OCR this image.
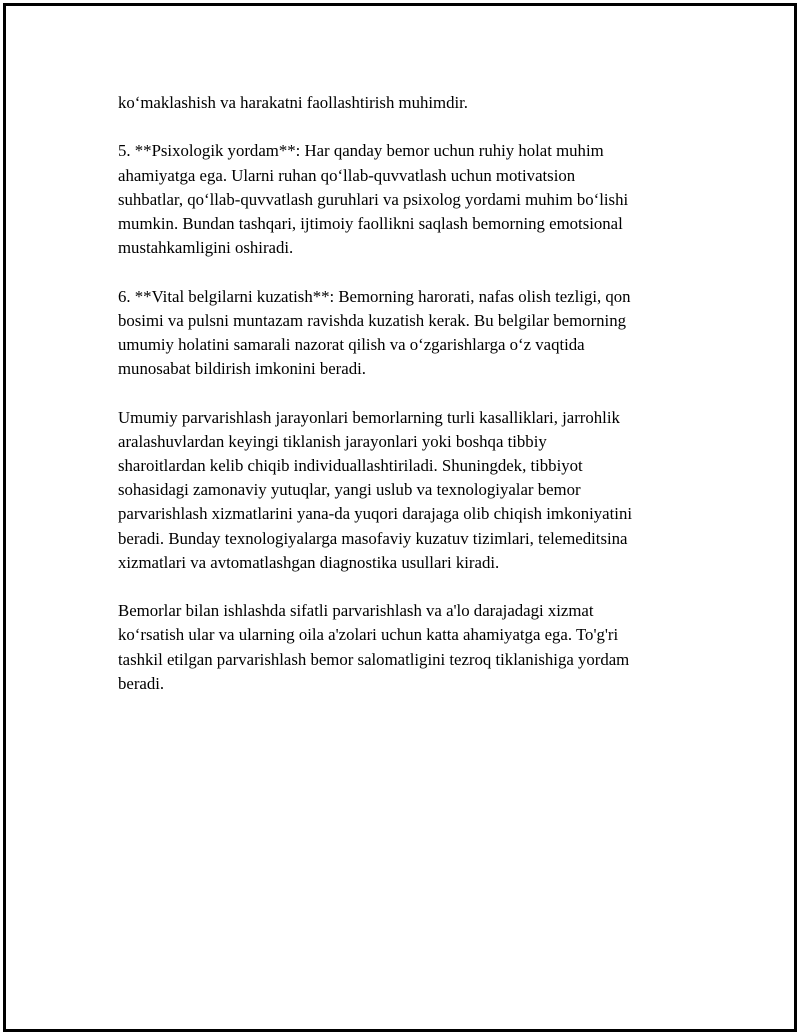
koʻmaklashish va harakatni faollashtirish muhimdir.

5. **Psixologik yordam**: Har qanday bemor uchun ruhiy holat muhim
ahamiyatga ega. Ularni ruhan qoʻllab-quvvatlash uchun motivatsion
suhbatlar, qoʻllab-quvvatlash guruhlari va psixolog yordami muhim boʻlishi
mumkin. Bundan tashqari, ijtimoiy faollikni saqlash bemorning emotsional
mustahkamligini oshiradi.

6. **Vital belgilarni kuzatish**: Bemorning harorati, nafas olish tezligi, qon
bosimi va pulsni muntazam ravishda kuzatish kerak. Bu belgilar bemorning
umumiy holatini samarali nazorat qilish va oʻzgarishlarga oʻz vaqtida
munosabat bildirish imkonini beradi.

Umumiy parvarishlash jarayonlari bemorlarning turli kasalliklari, jarrohlik
aralashuvlardan keyingi tiklanish jarayonlari yoki boshqa tibbiy
sharoitlardan kelib chiqib individuallashtiriladi. Shuningdek, tibbiyot
sohasidagi zamonaviy yutuqlar, yangi uslub va texnologiyalar bemor
parvarishlash xizmatlarini yana-da yuqori darajaga olib chiqish imkoniyatini
beradi. Bunday texnologiyalarga masofaviy kuzatuv tizimlari, telemeditsina
xizmatlari va avtomatlashgan diagnostika usullari kiradi.

Bemorlar bilan ishlashda sifatli parvarishlash va a'lo darajadagi xizmat
koʻrsatish ular va ularning oila a'zolari uchun katta ahamiyatga ega. To'g'ri
tashkil etilgan parvarishlash bemor salomatligini tezroq tiklanishiga yordam
beradi.
